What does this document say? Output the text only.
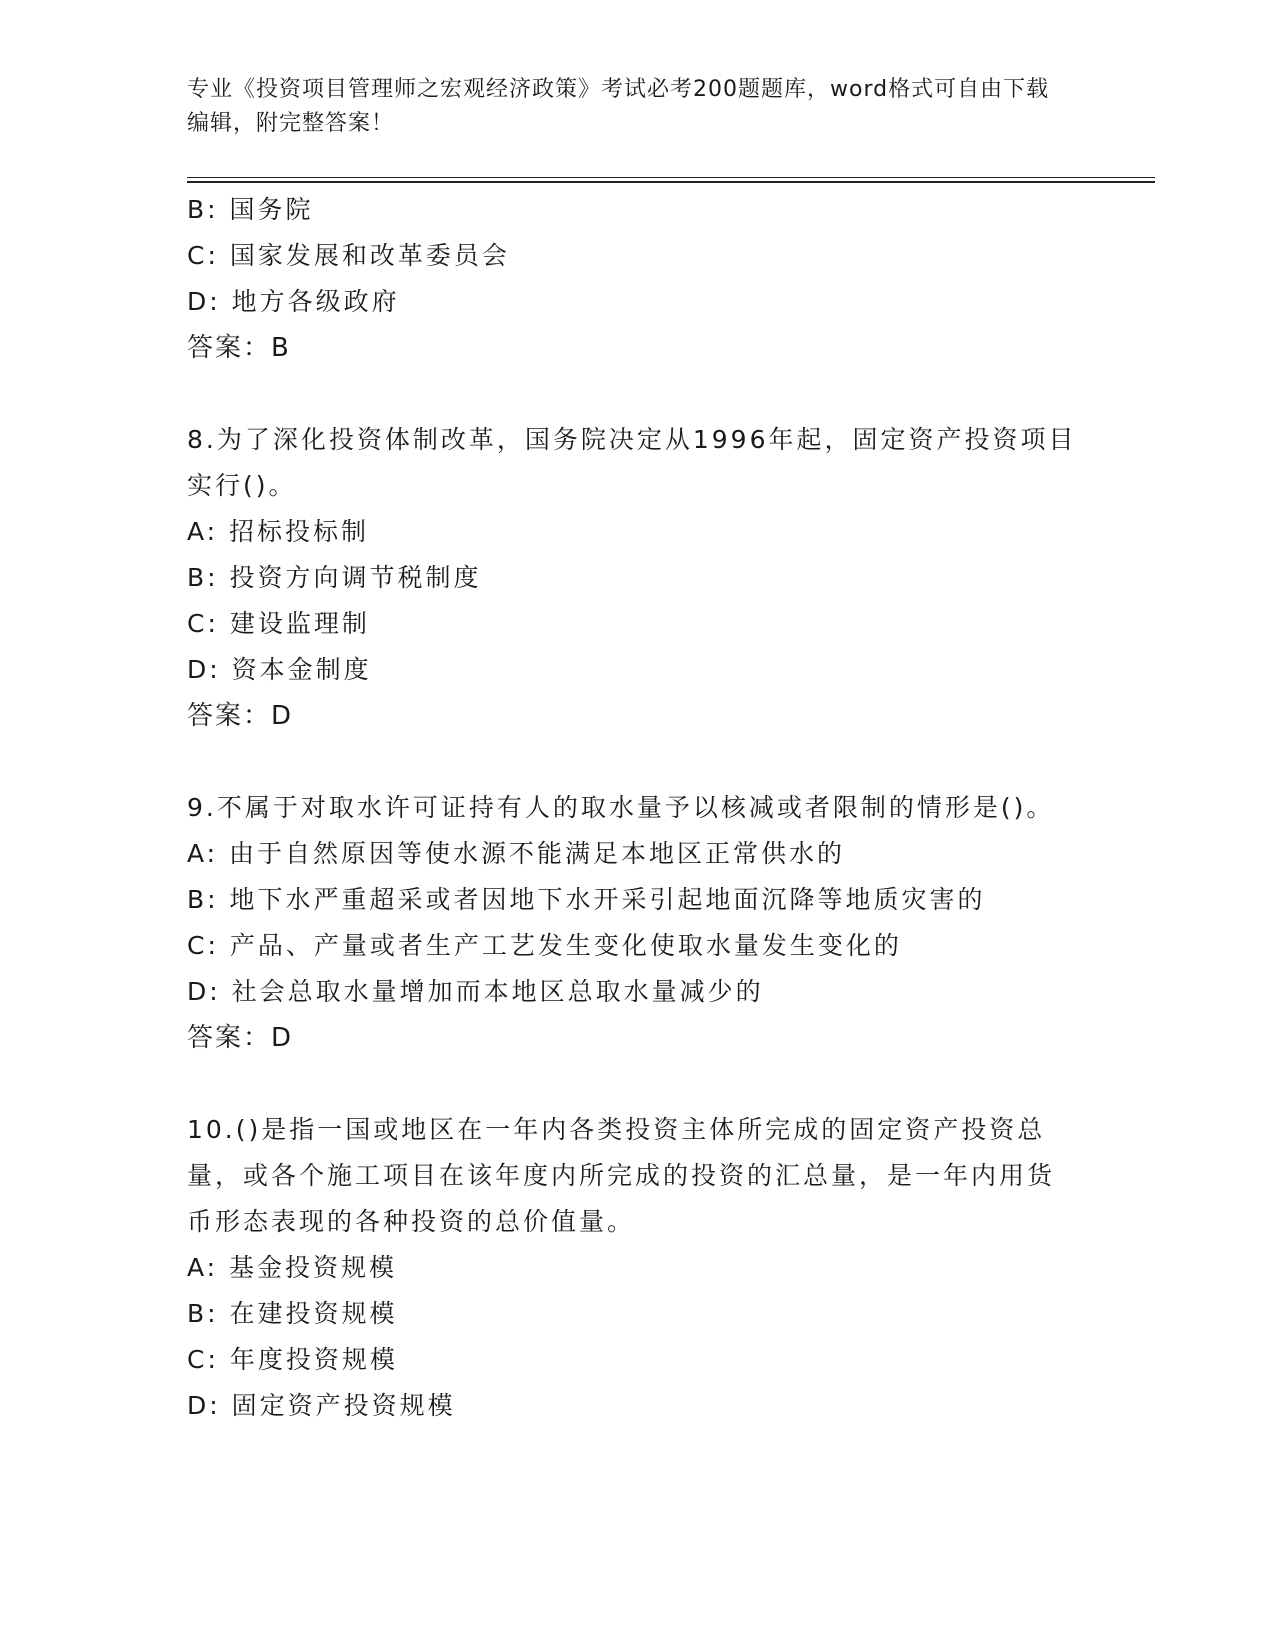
专业《投资项目管理师之宏观经济政策》考试必考200题题库，word格式可自由下载编辑，附完整答案！
B: 国务院
C: 国家发展和改革委员会
D: 地方各级政府
答案：B
8.为了深化投资体制改革，国务院决定从1996年起，固定资产投资项目实行()。
A: 招标投标制
B: 投资方向调节税制度
C: 建设监理制
D: 资本金制度
答案：D
9.不属于对取水许可证持有人的取水量予以核减或者限制的情形是()。
A: 由于自然原因等使水源不能满足本地区正常供水的
B: 地下水严重超采或者因地下水开采引起地面沉降等地质灾害的
C: 产品、产量或者生产工艺发生变化使取水量发生变化的
D: 社会总取水量增加而本地区总取水量减少的
答案：D
10.()是指一国或地区在一年内各类投资主体所完成的固定资产投资总量，或各个施工项目在该年度内所完成的投资的汇总量，是一年内用货币形态表现的各种投资的总价值量。
A: 基金投资规模
B: 在建投资规模
C: 年度投资规模
D: 固定资产投资规模
